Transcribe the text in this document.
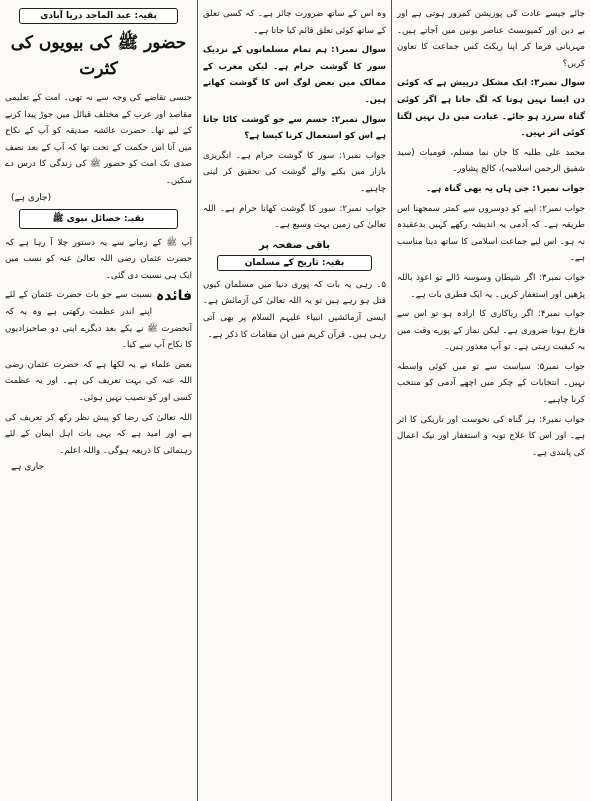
جائے جیسے عادت کی پوزیشن کمزور ہوتی ہے اور بے دین اور کمیونسٹ عناصر یونین میں آجاتے ہیں۔ مہربانی فرما کر اپنا ریکٹ کس جماعت کا تعاون کریں؟

سوال نمبر۳: ایک مشکل درپیش ہے کہ کوئی دن ایسا نہیں ہوتا کہ لگ جاتا ہے اگر کوئی گناہ سرزد ہو جائے۔ عبادت میں دل نہیں لگتا کوئی اثر نہیں۔

محمد علی طلبہ کا جان نما مسلم، قومیات (سید شفیق الرحمن اسلامیہ)، کالج پشاور۔

جواب نمبر۱: جی ہاں یہ بھی گناہ ہے۔

جواب نمبر۲: اپنے کو دوسروں سے کمتر سمجھنا اس طریقہ ہے۔ کہ آدمی یہ اندیشہ رکھے کہیں بدعقیدہ نہ ہو۔ اس لیے جماعت اسلامی کا ساتھ دینا مناسب ہے۔

جواب نمبر۳: اگر شیطان وسوسہ ڈالے تو اعوذ باللہ پڑھیں اور استغفار کریں۔ یہ ایک فطری بات ہے۔

جواب نمبر۴: اگر ریاکاری کا ارادہ ہو تو اس سے فارغ ہونا ضروری ہے۔ لیکن نماز کے پورے وقت میں یہ کیفیت رہتی ہے۔ تو آپ معذور ہیں۔

جواب نمبر۵: سیاست سے تو میں کوئی واسطہ نہیں۔ انتخابات کے چکر میں اچھے آدمی کو منتخب کرنا چاہیے۔

جواب نمبر۶: ہر گناہ کی نحوست اور تاریکی کا اثر ہے۔ اور اس کا علاج توبہ و استغفار اور نیک اعمال کی پابندی ہے۔

وہ اس کے ساتھ ضرورت جائز ہے۔ کہ کسی تعلق کے ساتھ کوئی تعلق قائم کیا جاتا ہے۔

سوال نمبر۱: ہم تمام مسلمانوں کے نزدیک سور کا گوشت حرام ہے۔ لیکن مغرب کے ممالک میں بعض لوگ اس کا گوشت کھاتے ہیں۔

سوال نمبر۲: جسم سے جو گوشت کاٹا جاتا ہے اس کو استعمال کرنا کیسا ہے؟

جواب نمبر۱: سور کا گوشت حرام ہے۔ انگریزی بازار میں بکنے والے گوشت کی تحقیق کر لینی چاہیے۔

جواب نمبر۲: سور کا گوشت کھانا حرام ہے۔ اللہ تعالیٰ کی زمین بہت وسیع ہے۔

باقی صفحہ پر
بقیہ: تاریخ کے مسلمان

۵۔ رہی یہ بات کہ پوری دنیا میں مسلمان کیوں قتل ہو رہے ہیں تو یہ اللہ تعالیٰ کی آزمائش ہے۔ ایسی آزمائشیں انبیاء علیہم السلام پر بھی آتی رہی ہیں۔ قرآن کریم میں ان مقامات کا ذکر ہے۔

بقیہ: عبد الماجد دریا آبادی
حضور ﷺ کی بیویوں کی کثرت

جنسی تقاضے کی وجہ سے نہ تھی۔ امت کے تعلیمی مقاصد اور عرب کے مختلف قبائل میں جوڑ پیدا کرنے کے لیے تھا۔ حضرت عائشہ صدیقہ کو آپ کے نکاح میں آنا اس حکمت کے تحت تھا کہ آپ کے بعد نصف صدی تک امت کو حضور ﷺ کی زندگی کا درس دے سکیں۔

(جاری ہے)
بقیہ: خصائل نبوی ﷺ

آپ ﷺ کے زمانے سے یہ دستور چلا آ رہا ہے کہ حضرت عثمان رضی اللہ تعالیٰ عنہ کو نسب میں ایک ہی نسبت دی گئی۔

فائدہ
نسبت سے جو بات حضرت عثمان کے لئے اپنے اندر عظمت رکھتی ہے وہ یہ کہ آنحضرت ﷺ نے یکے بعد دیگرے اپنی دو صاحبزادیوں کا نکاح آپ سے کیا۔

بعض علماء نے یہ لکھا ہے کہ حضرت عثمان رضی اللہ عنہ کی بہت تعریف کی ہے۔ اور یہ عظمت کسی اور کو نصیب نہیں ہوئی۔

اللہ تعالیٰ کی رضا کو پیش نظر رکھ کر تعریف کی ہے اور امید ہے کہ یہی بات اہل ایمان کے لئے رہنمائی کا ذریعہ ہوگی۔ واللہ اعلم۔

جاری ہے
